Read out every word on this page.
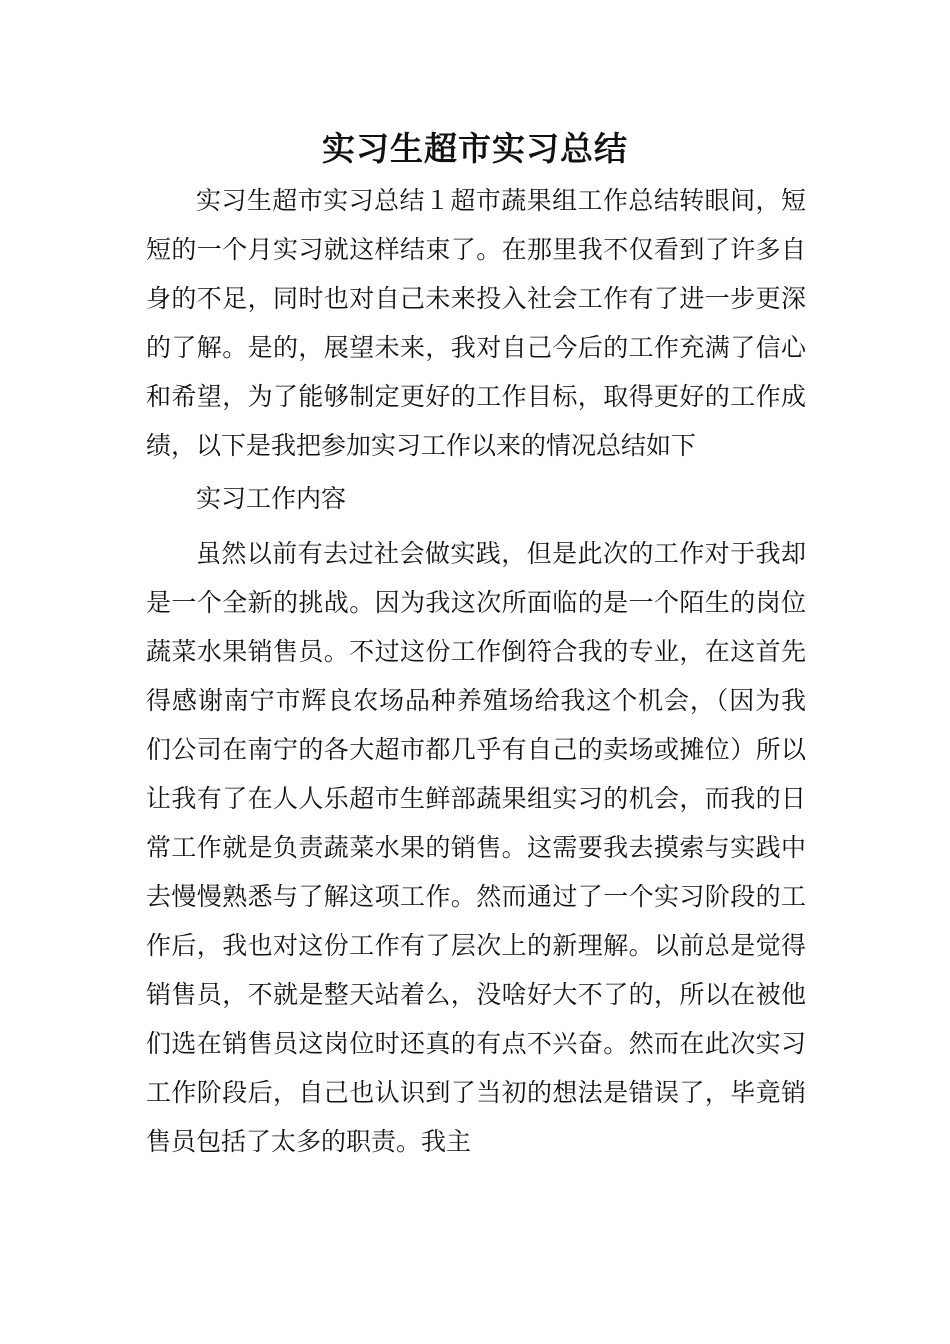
实习生超市实习总结

实习生超市实习总结１超市蔬果组工作总结转眼间，短短的一个月实习就这样结束了。在那里我不仅看到了许多自身的不足，同时也对自己未来投入社会工作有了进一步更深的了解。是的，展望未来，我对自己今后的工作充满了信心和希望，为了能够制定更好的工作目标，取得更好的工作成绩，以下是我把参加实习工作以来的情况总结如下

实习工作内容

虽然以前有去过社会做实践，但是此次的工作对于我却是一个全新的挑战。因为我这次所面临的是一个陌生的岗位蔬菜水果销售员。不过这份工作倒符合我的专业，在这首先得感谢南宁市辉良农场品种养殖场给我这个机会，（因为我们公司在南宁的各大超市都几乎有自己的卖场或摊位）所以让我有了在人人乐超市生鲜部蔬果组实习的机会，而我的日常工作就是负责蔬菜水果的销售。这需要我去摸索与实践中去慢慢熟悉与了解这项工作。然而通过了一个实习阶段的工作后，我也对这份工作有了层次上的新理解。以前总是觉得销售员，不就是整天站着么，没啥好大不了的，所以在被他们选在销售员这岗位时还真的有点不兴奋。然而在此次实习工作阶段后，自己也认识到了当初的想法是错误了，毕竟销售员包括了太多的职责。我主
